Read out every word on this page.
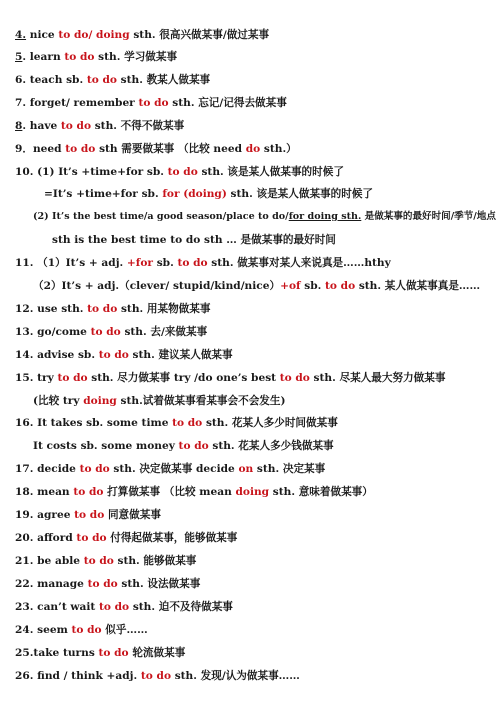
4. nice to do/ doing sth. 很高兴做某事/做过某事
5. learn to do sth. 学习做某事
6. teach sb. to do sth. 教某人做某事
7. forget/ remember to do sth. 忘记/记得去做某事
8. have to do sth. 不得不做某事
9．need to do sth 需要做某事 （比较 need do sth.）
10. (1) It’s +time+for sb. to do sth. 该是某人做某事的时候了
=It’s +time+for sb. for (doing) sth. 该是某人做某事的时候了
(2) It’s the best time/a good season/place to do/for doing sth. 是做某事的最好时间/季节/地点
sth is the best time to do sth … 是做某事的最好时间
11. （1）It’s + adj. +for sb. to do sth. 做某事对某人来说真是……hthy
（2）It’s + adj.（clever/ stupid/kind/nice）+of sb. to do sth. 某人做某事真是……
12. use sth. to do sth. 用某物做某事
13. go/come to do sth. 去/来做某事
14. advise sb. to do sth. 建议某人做某事
15. try to do sth. 尽力做某事 try /do one’s best to do sth. 尽某人最大努力做某事
(比较 try doing sth.试着做某事看某事会不会发生)
16. It takes sb. some time to do sth. 花某人多少时间做某事
It costs sb. some money to do sth. 花某人多少钱做某事
17. decide to do sth. 决定做某事 decide on sth. 决定某事
18. mean to do 打算做某事 （比较 mean doing sth. 意味着做某事）
19. agree to do 同意做某事
20. afford to do 付得起做某事，能够做某事
21. be able to do sth. 能够做某事
22. manage to do sth. 设法做某事
23. can’t wait to do sth. 迫不及待做某事
24. seem to do 似乎……
25.take turns to do 轮流做某事
26. find / think +adj. to do sth. 发现/认为做某事……
